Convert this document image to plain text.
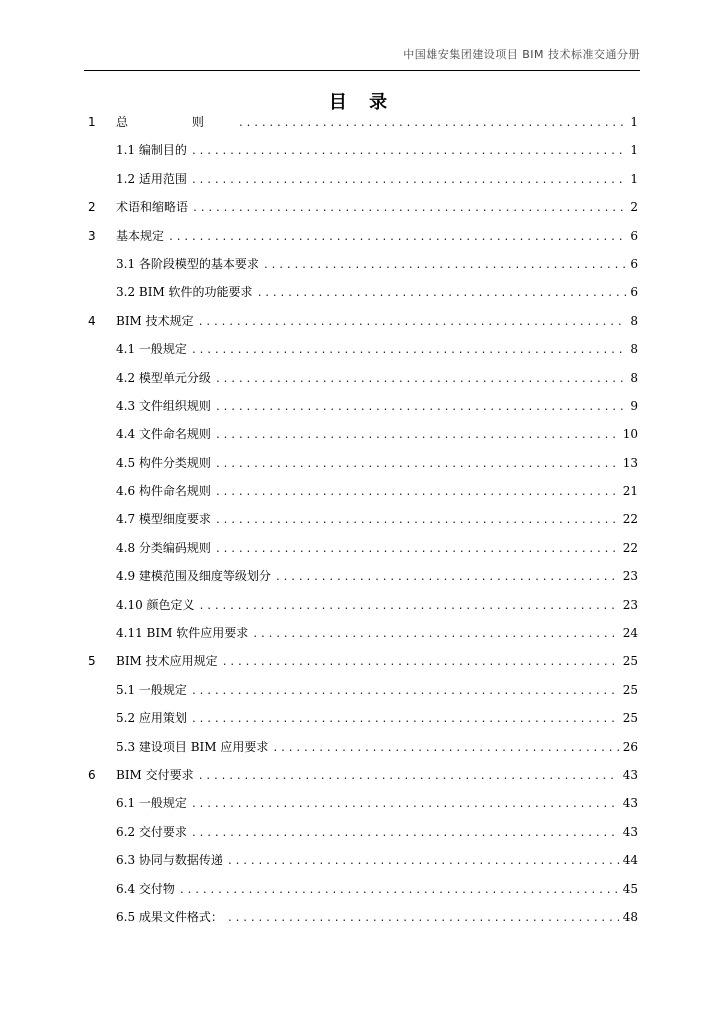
中国雄安集团建设项目 BIM 技术标准交通分册
目 录
1 总 则 .....	1
1.1 编制目的 .....	1
1.2 适用范围 .....	1
2 术语和缩略语 .....	2
3 基本规定 .....	6
3.1 各阶段模型的基本要求 .....	6
3.2 BIM 软件的功能要求 .....	6
4 BIM 技术规定 .....	8
4.1 一般规定 .....	8
4.2 模型单元分级 .....	8
4.3 文件组织规则 .....	9
4.4 文件命名规则 .....	10
4.5 构件分类规则 .....	13
4.6 构件命名规则 .....	21
4.7 模型细度要求 .....	22
4.8 分类编码规则 .....	22
4.9 建模范围及细度等级划分 .....	23
4.10 颜色定义 .....	23
4.11 BIM 软件应用要求 .....	24
5 BIM 技术应用规定 .....	25
5.1 一般规定 .....	25
5.2 应用策划 .....	25
5.3 建设项目 BIM 应用要求 .....	26
6 BIM 交付要求 .....	43
6.1 一般规定 .....	43
6.2 交付要求 .....	43
6.3 协同与数据传递 .....	44
6.4 交付物 .....	45
6.5 成果文件格式： .....	48
